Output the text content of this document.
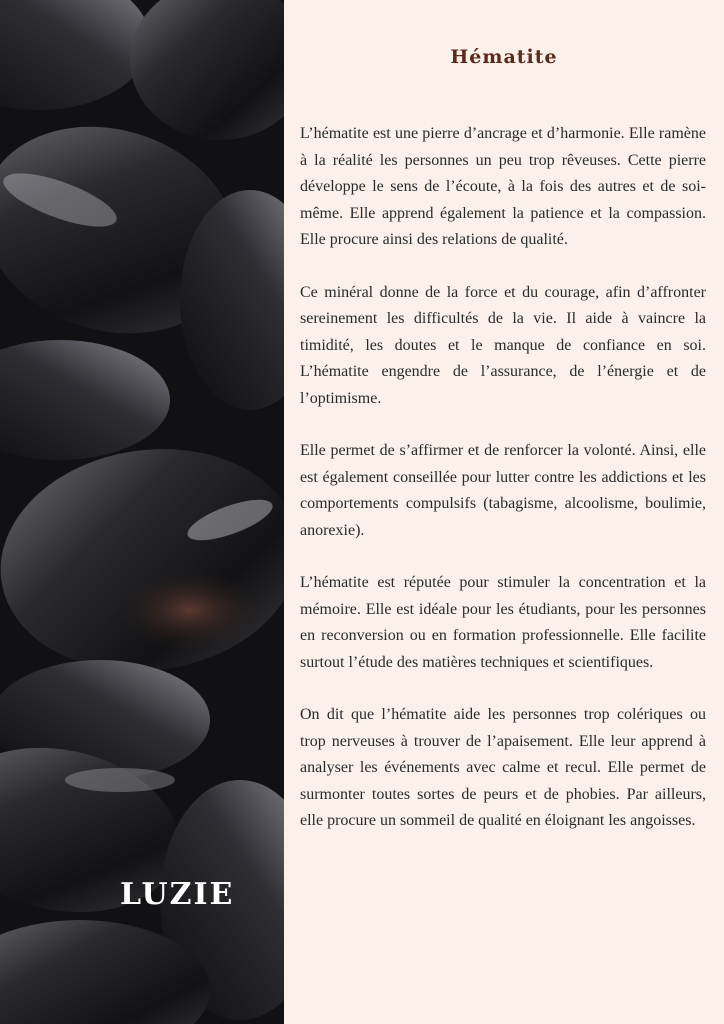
LUZIE
Hématite

L’hématite est une pierre d’ancrage et d’harmonie. Elle ramène à la réalité les personnes un peu trop rêveuses. Cette pierre développe le sens de l’écoute, à la fois des autres et de soi-même. Elle apprend également la patience et la compassion. Elle procure ainsi des relations de qualité.

Ce minéral donne de la force et du courage, afin d’affronter sereinement les difficultés de la vie. Il aide à vaincre la timidité, les doutes et le manque de confiance en soi. L’hématite engendre de l’assurance, de l’énergie et de l’optimisme.

Elle permet de s’affirmer et de renforcer la volonté. Ainsi, elle est également conseillée pour lutter contre les addictions et les comportements compulsifs (tabagisme, alcoolisme, boulimie, anorexie).

L’hématite est réputée pour stimuler la concentration et la mémoire. Elle est idéale pour les étudiants, pour les personnes en reconversion ou en formation professionnelle. Elle facilite surtout l’étude des matières techniques et scientifiques.

On dit que l’hématite aide les personnes trop colériques ou trop nerveuses à trouver de l’apaisement. Elle leur apprend à analyser les événements avec calme et recul. Elle permet de surmonter toutes sortes de peurs et de phobies. Par ailleurs, elle procure un sommeil de qualité en éloignant les angoisses.
